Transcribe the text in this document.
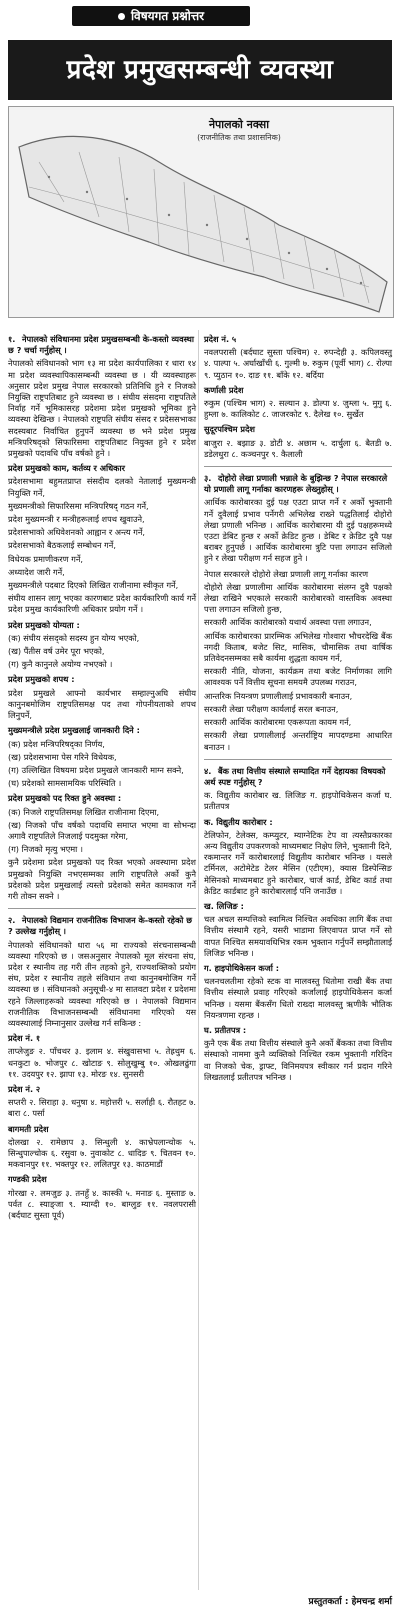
विषयगत प्रश्नोत्तर
प्रदेश प्रमुखसम्बन्धी व्यवस्था
नेपालको नक्सा
(राजनीतिक तथा प्रशासनिक)
१. नेपालको संविधानमा प्रदेश प्रमुखसम्बन्धी के-कस्तो व्यवस्था छ ? चर्चा गर्नुहोस् ।
नेपालको संविधानको भाग १३ मा प्रदेश कार्यपालिका र धारा १४ मा प्रदेश व्यवस्थापिकासम्बन्धी व्यवस्था छ । यी व्यवस्थाहरू अनुसार प्रदेश प्रमुख नेपाल सरकारको प्रतिनिधि हुने र निजको नियुक्ति राष्ट्रपतिबाट हुने व्यवस्था छ । संघीय संसदमा राष्ट्रपतिले निर्वाह गर्ने भूमिकासरह प्रदेशमा प्रदेश प्रमुखको भूमिका हुने व्यवस्था देखिन्छ । नेपालको राष्ट्रपति संघीय संसद र प्रदेससभाका सदस्यबाट निर्वाचित हुनुपर्ने व्यवस्था छ भने प्रदेश प्रमुख मन्त्रिपरिषद्‌को सिफारिसमा राष्ट्रपतिबाट नियुक्त हुने र प्रदेश प्रमुखको पदावधि पाँच वर्षको हुने ।
प्रदेश प्रमुखको काम, कर्तव्य र अधिकार
प्रदेशसभामा बहुमतप्राप्त संसदीय दलको नेतालाई मुख्यमन्त्री नियुक्ति गर्ने,
मुख्यमन्त्रीको सिफारिसमा मन्त्रिपरिषद् गठन गर्ने,
प्रदेश मुख्यमन्त्री र मन्त्रीहरूलाई शपथ खुवाउने,
प्रदेशसभाको अधिवेशनको आह्वान र अन्त्य गर्ने,
प्रदेशसभाको बैठकलाई सम्बोधन गर्ने,
विधेयक प्रमाणीकरण गर्ने,
अध्यादेश जारी गर्ने,
मुख्यमन्त्रीले पदबाट दिएको लिखित राजीनामा स्वीकृत गर्ने,
संघीय शासन लागू भएका कारणबाट प्रदेश कार्यकारिणी कार्य गर्ने प्रदेश प्रमुख कार्यकारिणी अधिकार प्रयोग गर्ने ।
प्रदेश प्रमुखको योग्यता :
(क) संघीय संसद्‌को सदस्य हुन योग्य भएको,
(ख) पैंतीस वर्ष उमेर पूरा भएको,
(ग) कुनै कानुनले अयोग्य नभएको ।
प्रदेश प्रमुखको शपथ :
प्रदेश प्रमुखले आफ्नो कार्यभार सम्हाल्नुअघि संघीय कानुनबमोजिम राष्ट्रपतिसमक्ष पद तथा गोपनीयताको शपथ लिनुपर्ने,
मुख्यमन्त्रीले प्रदेश प्रमुखलाई जानकारी दिने :
(क) प्रदेश मन्त्रिपरिषद्‌का निर्णय,
(ख) प्रदेशसभामा पेस गरिने विधेयक,
(ग) उल्लिखित विषयमा प्रदेश प्रमुखले जानकारी माग्न सक्ने,
(घ) प्रदेशको सामसामयिक परिस्थिति ।
प्रदेश प्रमुखको पद रिक्त हुने अवस्था :
(क) निजले राष्ट्रपतिसमक्ष लिखित राजीनामा दिएमा,
(ख) निजको पाँच वर्षको पदावधि समाप्त भएमा वा सोभन्दा अगावै राष्ट्रपतिले निजलाई पदमुक्त गरेमा,
(ग) निजको मृत्यु भएमा ।
कुनै प्रदेशमा प्रदेश प्रमुखको पद रिक्त भएको अवस्थामा प्रदेश प्रमुखको नियुक्ति नभएसम्मका लागि राष्ट्रपतिले अर्को कुनै प्रदेशको प्रदेश प्रमुखलाई त्यस्तो प्रदेशको समेत कामकाज गर्ने गरी तोक्न सक्ने ।
२. नेपालको विद्यमान राजनीतिक विभाजन के-कस्तो रहेको छ ? उल्लेख गर्नुहोस् ।
नेपालको संविधानको धारा ५६ मा राज्यको संरचनासम्बन्धी व्यवस्था गरिएको छ । जसअनुसार नेपालको मूल संरचना संघ, प्रदेश र स्थानीय तह गरी तीन तहको हुने, राज्यशक्तिको प्रयोग संघ, प्रदेश र स्थानीय तहले संविधान तथा कानुनबमोजिम गर्ने व्यवस्था छ । संविधानको अनुसूची-४ मा सातवटा प्रदेश र प्रदेशमा रहने जिल्लाहरूको व्यवस्था गरिएको छ । नेपालको विद्यमान राजनीतिक विभाजनसम्बन्धी संविधानमा गरिएको यस व्यवस्थालाई निम्नानुसार उल्लेख गर्न सकिन्छ :
प्रदेश नं. १
ताप्लेजुङ २. पाँचथर ३. इलाम ४. संखुवासभा ५. तेह्रथुम ६. धनकुटा ७. भोजपुर ८. खोटाङ ९. सोलुखुम्बु १०. ओखलढुंगा ११. उदयपुर १२. झापा १३. मोरङ १४. सुनसरी
प्रदेश नं. २
सप्तरी २. सिराहा ३. धनुषा ४. महोत्तरी ५. सर्लाही ६. रौतहट ७. बारा ८. पर्सा
बागमती प्रदेश
दोलखा २. रामेछाप ३. सिन्धुली ४. काभ्रेपलान्चोक ५. सिन्धुपाल्चोक ६. रसुवा ७. नुवाकोट ८. धादिङ ९. चितवन १०. मकवानपुर ११. भक्तपुर १२. ललितपुर १३. काठमाडौं
गण्डकी प्रदेश
गोरखा २. लमजुङ ३. तनहुँ ४. कास्की ५. मनाङ ६. मुस्ताङ ७. पर्वत ८. स्याङ्जा ९. म्याग्दी १०. बाग्लुङ ११. नवलपरासी (बर्दघाट सुस्ता पूर्व)
प्रदेश नं. ५
नवलपरासी (बर्दघाट सुस्ता पश्चिम) २. रुपन्देही ३. कपिलवस्तु ४. पाल्पा ५. अर्घाखाँची ६. गुल्मी ७. रुकुम (पूर्वी भाग) ८. रोल्पा ९. प्युठान १०. दाङ ११. बाँके १२. बर्दिया
कर्णाली प्रदेश
रुकुम (पश्चिम भाग) २. सल्यान ३. डोल्पा ४. जुम्ला ५. मुगु ६. हुम्ला ७. कालिकोट ८. जाजरकोट ९. दैलेख १०. सुर्खेत
सुदूरपश्चिम प्रदेश
बाजुरा २. बझाङ ३. डोटी ४. अछाम ५. दार्चुला ६. बैतडी ७. डडेलधुरा ८. कञ्चनपुर ९. कैलाली
३. दोहोरो लेखा प्रणाली भन्नाले के बुझिन्छ ? नेपाल सरकारले यो प्रणाली लागू गर्नाका कारणहरू लेख्नुहोस् ।
आर्थिक कारोबारका दुई पक्ष एउटा प्राप्त गर्ने र अर्को भुक्तानी गर्ने दुवैलाई प्रभाव पर्नेगरी अभिलेख राख्ने पद्धतिलाई दोहोरो लेखा प्रणाली भनिन्छ । आर्थिक कारोबारमा यी दुई पक्षहरूमध्ये एउटा डेबिट हुन्छ र अर्को क्रेडिट हुन्छ । डेबिट र क्रेडिट दुवै पक्ष बराबर हुनुपर्छ । आर्थिक कारोबारमा त्रुटि पत्ता लगाउन सजिलो हुने र लेखा परीक्षण गर्न सहज हुने ।
नेपाल सरकारले दोहोरो लेखा प्रणाली लागू गर्नाका कारण
दोहोरो लेखा प्रणालीमा आर्थिक कारोबारमा संलग्न दुवै पक्षको लेखा राखिने भएकाले सरकारी कारोबारको वास्तविक अवस्था पत्ता लगाउन सजिलो हुन्छ,
सरकारी आर्थिक कारोबारको यथार्थ अवस्था पत्ता लगाउन,
आर्थिक कारोबारका प्रारम्भिक अभिलेख गोश्वारा भौचरदेखि बैंक नगदी किताब, बजेट सिट, मासिक, चौमासिक तथा वार्षिक प्रतिवेदनसम्मका सबै कार्यमा शुद्धता कायम गर्न,
सरकारी नीति, योजना, कार्यक्रम तथा बजेट निर्माणका लागि आवश्यक पर्ने वित्तीय सूचना समयमै उपलब्ध गराउन,
आन्तरिक नियन्त्रण प्रणालीलाई प्रभावकारी बनाउन,
सरकारी लेखा परीक्षण कार्यलाई सरल बनाउन,
सरकारी आर्थिक कारोबारमा एकरूपता कायम गर्न,
सरकारी लेखा प्रणालीलाई अन्तर्राष्ट्रिय मापदण्डमा आधारित बनाउन ।
४. बैंक तथा वित्तीय संस्थाले सम्पादित गर्ने देहायका विषयको अर्थ स्पष्ट गर्नुहोस् ?
क. विद्युतीय कारोबार ख. लिजिङ ग. हाइपोथिकेसन कर्जा घ. प्रतीतपत्र
क. विद्युतीय कारोबार :
टेलिफोन, टेलेक्स, कम्प्युटर, म्याग्नेटिक टेप वा त्यस्तैप्रकारका अन्य विद्युतीय उपकरणको माध्यमबाट निक्षेप लिने, भुक्तानी दिने, रकमान्तर गर्ने कारोबारलाई विद्युतीय कारोबार भनिन्छ । यसले टर्मिनल, अटोमेटेड टेलर मेसिन (एटीएम), क्यास डिस्पेन्सिङ मेसिनको माध्यमबाट हुने कारोबार, चार्ज कार्ड, डेबिट कार्ड तथा क्रेडिट कार्डबाट हुने कारोबारलाई पनि जनाउँछ ।
ख. लिजिङ :
चल अचल सम्पत्तिको स्वामित्व निश्चित अवधिका लागि बैंक तथा वित्तीय संस्थामै रहने, यसरी भाडामा लिएवापत प्राप्त गर्ने सो वापत निश्चित समयावधिभित्र रकम भुक्तान गर्नुपर्ने सम्झौतालाई लिजिङ भनिन्छ ।
ग. हाइपोथिकेसन कर्जा :
चलनचलतीमा रहेको स्टक वा मालवस्तु धितोमा राखी बैंक तथा वित्तीय संस्थाले प्रवाह गरिएको कर्जालाई हाइपोथिकेसन कर्जा भनिन्छ । यसमा बैंकसँग धितो राख्दा मालवस्तु ऋणीकै भौतिक नियन्त्रणमा रहन्छ ।
घ. प्रतीतपत्र :
कुनै एक बैंक तथा वित्तीय संस्थाले कुनै अर्को बैंकका तथा वित्तीय संस्थाको नाममा कुनै व्यक्तिको निश्चित रकम भुक्तानी गरिदिन वा निजको चेक, ड्राफ्ट, विनिमयपत्र स्वीकार गर्न प्रदान गरिने लिखतलाई प्रतीतपत्र भनिन्छ ।
प्रस्तुतकर्ता : हेमचन्द्र शर्मा
